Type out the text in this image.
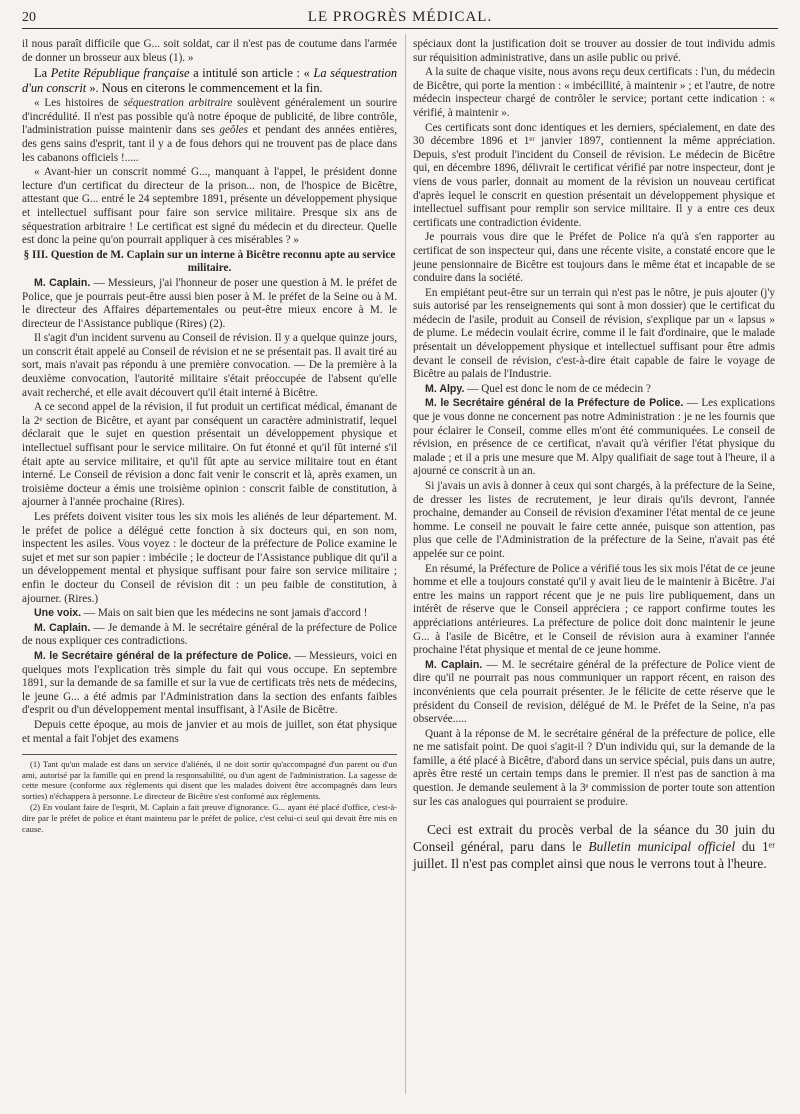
20	LE PROGRÈS MÉDICAL.

il nous paraît difficile que G... soit soldat, car il n'est pas de coutume dans l'armée de donner un brosseur aux bleus (1). »

La Petite République française a intitulé son article : « La séquestration d'un conscrit ». Nous en citerons le commencement et la fin.

« Les histoires de séquestration arbitraire soulèvent généralement un sourire d'incrédulité. Il n'est pas possible qu'à notre époque de publicité, de libre contrôle, l'administration puisse maintenir dans ses geôles et pendant des années entières, des gens sains d'esprit, tant il y a de fous dehors qui ne trouvent pas de place dans les cabanons officiels !.....

« Avant-hier un conscrit nommé G..., manquant à l'appel, le président donne lecture d'un certificat du directeur de la prison... non, de l'hospice de Bicêtre, attestant que G... entré le 24 septembre 1891, présente un développement physique et intellectuel suffisant pour faire son service militaire. Presque six ans de séquestration arbitraire ! Le certificat est signé du médecin et du directeur. Quelle est donc la peine qu'on pourrait appliquer à ces misérables ? »

§ III. Question de M. Caplain sur un interne à Bicêtre reconnu apte au service militaire.

M. Caplain. — Messieurs, j'ai l'honneur de poser une question à M. le préfet de Police, que je pourrais peut-être aussi bien poser à M. le préfet de la Seine ou à M. le directeur des Affaires départementales ou peut-être mieux encore à M. le directeur de l'Assistance publique (Rires) (2).

Il s'agit d'un incident survenu au Conseil de révision. Il y a quelque quinze jours, un conscrit était appelé au Conseil de révision et ne se présentait pas. Il avait tiré au sort, mais n'avait pas répondu à une première convocation. — De la première à la deuxième convocation, l'autorité militaire s'était préoccupée de l'absent qu'elle avait recherché, et elle avait découvert qu'il était interné à Bicêtre.

A ce second appel de la révision, il fut produit un certificat médical, émanant de la 2ᵉ section de Bicêtre, et ayant par conséquent un caractère administratif, lequel déclarait que le sujet en question présentait un développement physique et intellectuel suffisant pour le service militaire. On fut étonné et qu'il fût interné s'il était apte au service militaire, et qu'il fût apte au service militaire tout en étant interné. Le Conseil de révision a donc fait venir le conscrit et là, après examen, un troisième docteur a émis une troisième opinion : conscrit faible de constitution, à ajourner à l'année prochaine (Rires).

Les préfets doivent visiter tous les six mois les aliénés de leur département. M. le préfet de police a délégué cette fonction à six docteurs qui, en son nom, inspectent les asiles. Vous voyez : le docteur de la préfecture de Police examine le sujet et met sur son papier : imbécile ; le docteur de l'Assistance publique dit qu'il a un développement mental et physique suffisant pour faire son service militaire ; enfin le docteur du Conseil de révision dit : un peu faible de constitution, à ajourner. (Rires.)

Une voix. — Mais on sait bien que les médecins ne sont jamais d'accord !

M. Caplain. — Je demande à M. le secrétaire général de la préfecture de Police de nous expliquer ces contradictions.

M. le Secrétaire général de la préfecture de Police. — Messieurs, voici en quelques mots l'explication très simple du fait qui vous occupe. En septembre 1891, sur la demande de sa famille et sur la vue de certificats très nets de médecins, le jeune G... a été admis par l'Administration dans la section des enfants faibles d'esprit ou d'un développement mental insuffisant, à l'Asile de Bicêtre.

Depuis cette époque, au mois de janvier et au mois de juillet, son état physique et mental a fait l'objet des examens

(1) Tant qu'un malade est dans un service d'aliénés, il ne doit sortir qu'accompagné d'un parent ou d'un ami, autorisé par la famille qui en prend la responsabilité, ou d'un agent de l'administration. La sagesse de cette mesure (conforme aux règlements qui disent que les malades doivent être accompagnés dans leurs sorties) n'échappera à personne. Le directeur de Bicêtre s'est conformé aux règlements.

(2) En voulant faire de l'esprit, M. Caplain a fait preuve d'ignorance. G... ayant été placé d'office, c'est-à-dire par le préfet de police et étant maintenu par le préfet de police, c'est celui-ci seul qui devait être mis en cause.

spéciaux dont la justification doit se trouver au dossier de tout individu admis sur réquisition administrative, dans un asile public ou privé.

A la suite de chaque visite, nous avons reçu deux certificats : l'un, du médecin de Bicêtre, qui porte la mention : « imbécillité, à maintenir » ; et l'autre, de notre médecin inspecteur chargé de contrôler le service; portant cette indication : « vérifié, à maintenir ».

Ces certificats sont donc identiques et les derniers, spécialement, en date des 30 décembre 1896 et 1ᵉʳ janvier 1897, contiennent la même appréciation. Depuis, s'est produit l'incident du Conseil de révision. Le médecin de Bicêtre qui, en décembre 1896, délivrait le certificat vérifié par notre inspecteur, dont je viens de vous parler, donnait au moment de la révision un nouveau certificat d'après lequel le conscrit en question présentait un développement physique et intellectuel suffisant pour remplir son service militaire. Il y a entre ces deux certificats une contradiction évidente.

Je pourrais vous dire que le Préfet de Police n'a qu'à s'en rapporter au certificat de son inspecteur qui, dans une récente visite, a constaté encore que le jeune pensionnaire de Bicêtre est toujours dans le même état et incapable de se conduire dans la société.

En empiétant peut-être sur un terrain qui n'est pas le nôtre, je puis ajouter (j'y suis autorisé par les renseignements qui sont à mon dossier) que le certificat du médecin de l'asile, produit au Conseil de révision, s'explique par un « lapsus » de plume. Le médecin voulait écrire, comme il le fait d'ordinaire, que le malade présentait un développement physique et intellectuel suffisant pour être admis devant le conseil de révision, c'est-à-dire était capable de faire le voyage de Bicêtre au palais de l'Industrie.

M. Alpy. — Quel est donc le nom de ce médecin ?

M. le Secrétaire général de la Préfecture de Police. — Les explications que je vous donne ne concernent pas notre Administration : je ne les fournis que pour éclairer le Conseil, comme elles m'ont été communiquées. Le conseil de révision, en présence de ce certificat, n'avait qu'à vérifier l'état physique du malade ; et il a pris une mesure que M. Alpy qualifiait de sage tout à l'heure, il a ajourné ce conscrit à un an.

Si j'avais un avis à donner à ceux qui sont chargés, à la préfecture de la Seine, de dresser les listes de recrutement, je leur dirais qu'ils devront, l'année prochaine, demander au Conseil de révision d'examiner l'état mental de ce jeune homme. Le conseil ne pouvait le faire cette année, puisque son attention, pas plus que celle de l'Administration de la préfecture de la Seine, n'avait pas été appelée sur ce point.

En résumé, la Préfecture de Police a vérifié tous les six mois l'état de ce jeune homme et elle a toujours constaté qu'il y avait lieu de le maintenir à Bicêtre. J'ai entre les mains un rapport récent que je ne puis lire publiquement, dans un intérêt de réserve que le Conseil appréciera ; ce rapport confirme toutes les appréciations antérieures. La préfecture de police doit donc maintenir le jeune G... à l'asile de Bicêtre, et le Conseil de révision aura à examiner l'année prochaine l'état physique et mental de ce jeune homme.

M. Caplain. — M. le secrétaire général de la préfecture de Police vient de dire qu'il ne pourrait pas nous communiquer un rapport récent, en raison des inconvénients que cela pourrait présenter. Je le félicite de cette réserve que le président du Conseil de revision, délégué de M. le Préfet de la Seine, n'a pas observée.....

Quant à la réponse de M. le secrétaire général de la préfecture de police, elle ne me satisfait point. De quoi s'agit-il ? D'un individu qui, sur la demande de la famille, a été placé à Bicêtre, d'abord dans un service spécial, puis dans un autre, après être resté un certain temps dans le premier. Il n'est pas de sanction à ma question. Je demande seulement à la 3ᵉ commission de porter toute son attention sur les cas analogues qui pourraient se produire.

Ceci est extrait du procès verbal de la séance du 30 juin du Conseil général, paru dans le Bulletin municipal officiel du 1ᵉʳ juillet. Il n'est pas complet ainsi que nous le verrons tout à l'heure.
